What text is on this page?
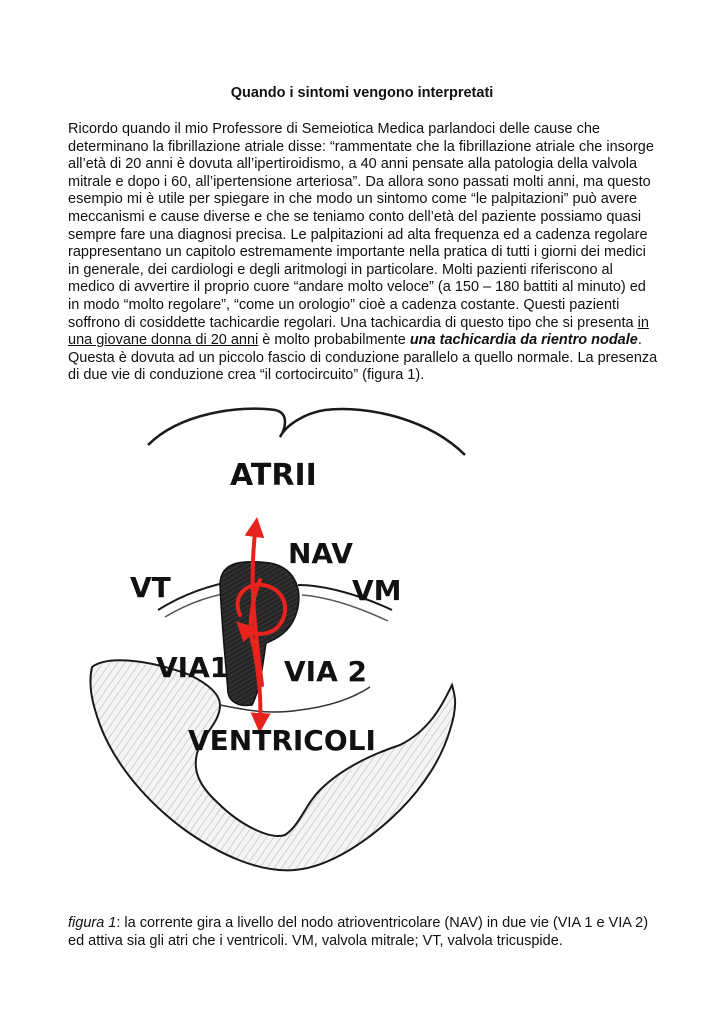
Quando i sintomi vengono interpretati

Ricordo quando il mio Professore di Semeiotica Medica parlandoci delle cause che determinano la fibrillazione atriale disse: “rammentate che la fibrillazione atriale che insorge all’età di 20 anni è dovuta all’ipertiroidismo, a 40 anni pensate alla patologia della valvola mitrale e dopo i 60, all’ipertensione arteriosa”. Da allora sono passati molti anni, ma questo esempio mi è utile per spiegare in che modo un sintomo come “le palpitazioni” può avere meccanismi e cause diverse e che se teniamo conto dell’età del paziente possiamo quasi sempre fare una diagnosi precisa. Le palpitazioni ad alta frequenza ed a cadenza regolare rappresentano un capitolo estremamente importante nella pratica di tutti i giorni dei medici in generale, dei cardiologi e degli aritmologi in particolare. Molti pazienti riferiscono al medico di avvertire il proprio cuore “andare molto veloce” (a 150 – 180 battiti al minuto) ed in modo “molto regolare”, “come un orologio” cioè a cadenza costante. Questi pazienti soffrono di cosiddette tachicardie regolari. Una tachicardia di questo tipo che si presenta in una giovane donna di 20 anni è molto probabilmente una tachicardia da rientro nodale. Questa è dovuta ad un piccolo fascio di conduzione parallelo a quello normale. La presenza di due vie di conduzione crea “il cortocircuito” (figura 1).

ATRII
NAV
VT	VM
VIA1 VIA 2
VENTRICOLI

figura 1: la corrente gira a livello del nodo atrioventricolare (NAV) in due vie (VIA 1 e VIA 2) ed attiva sia gli atri che i ventricoli. VM, valvola mitrale; VT, valvola tricuspide.
